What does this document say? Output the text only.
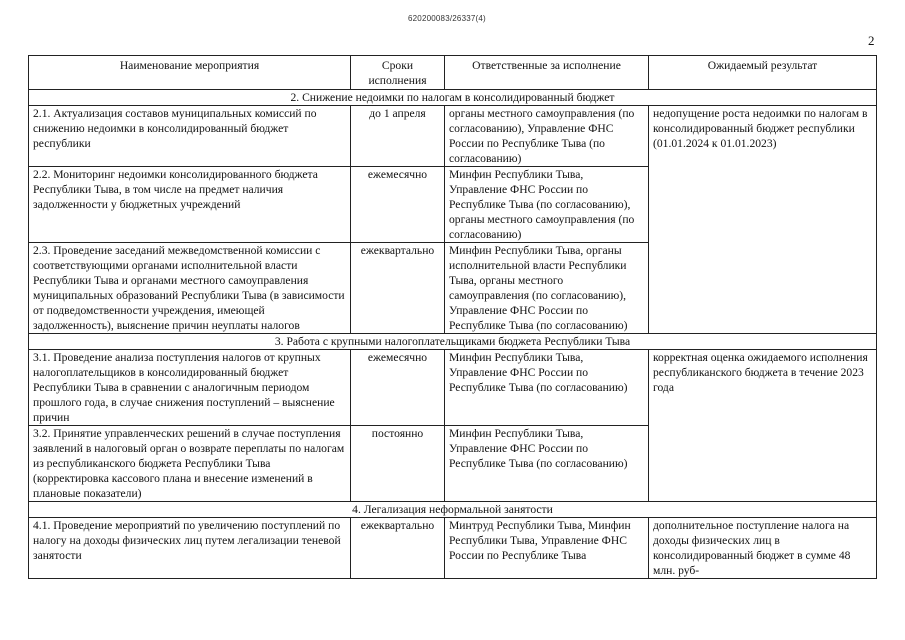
620200083/26337(4)
2
Наименование мероприятия	Сроки исполнения	Ответственные за исполнение	Ожидаемый результат
2. Снижение недоимки по налогам в консолидированный бюджет			
2.1. Актуализация составов муниципальных комиссий по снижению недоимки в консолидированный бюджет республики	до 1 апреля	органы местного самоуправления (по согласованию), Управление ФНС России по Республике Тыва (по согласованию)	недопущение роста недоимки по налогам в консолидированный бюджет республики (01.01.2024 к 01.01.2023)
2.2. Мониторинг недоимки консолидированного бюджета Республики Тыва, в том числе на предмет наличия задолженности у бюджетных учреждений	ежемесячно	Минфин Республики Тыва, Управление ФНС России по Республике Тыва (по согласованию), органы местного самоуправления (по согласованию)	
2.3. Проведение заседаний межведомственной комиссии с соответствующими органами исполнительной власти Республики Тыва и органами местного самоуправления муниципальных образований Республики Тыва (в зависимости от подведомственности учреждения, имеющей задолженность), выяснение причин неуплаты налогов	ежеквартально	Минфин Республики Тыва, органы исполнительной власти Республики Тыва, органы местного самоуправления (по согласованию), Управление ФНС России по Республике Тыва (по согласованию)	
3. Работа с крупными налогоплательщиками бюджета Республики Тыва			
3.1. Проведение анализа поступления налогов от крупных налогоплательщиков в консолидированный бюджет Республики Тыва в сравнении с аналогичным периодом прошлого года, в случае снижения поступлений – выяснение причин	ежемесячно	Минфин Республики Тыва, Управление ФНС России по Республике Тыва (по согласованию)	корректная оценка ожидаемого исполнения республиканского бюджета в течение 2023 года
3.2. Принятие управленческих решений в случае поступления заявлений в налоговый орган о возврате переплаты по налогам из республиканского бюджета Республики Тыва (корректировка кассового плана и внесение изменений в плановые показатели)	постоянно	Минфин Республики Тыва, Управление ФНС России по Республике Тыва (по согласованию)	
4. Легализация неформальной занятости			
4.1. Проведение мероприятий по увеличению поступлений по налогу на доходы физических лиц путем легализации теневой занятости	ежеквартально	Минтруд Республики Тыва, Минфин Республики Тыва, Управление ФНС России по Республике Тыва	дополнительное поступление налога на доходы физических лиц в консолидированный бюджет в сумме 48 млн. руб-
